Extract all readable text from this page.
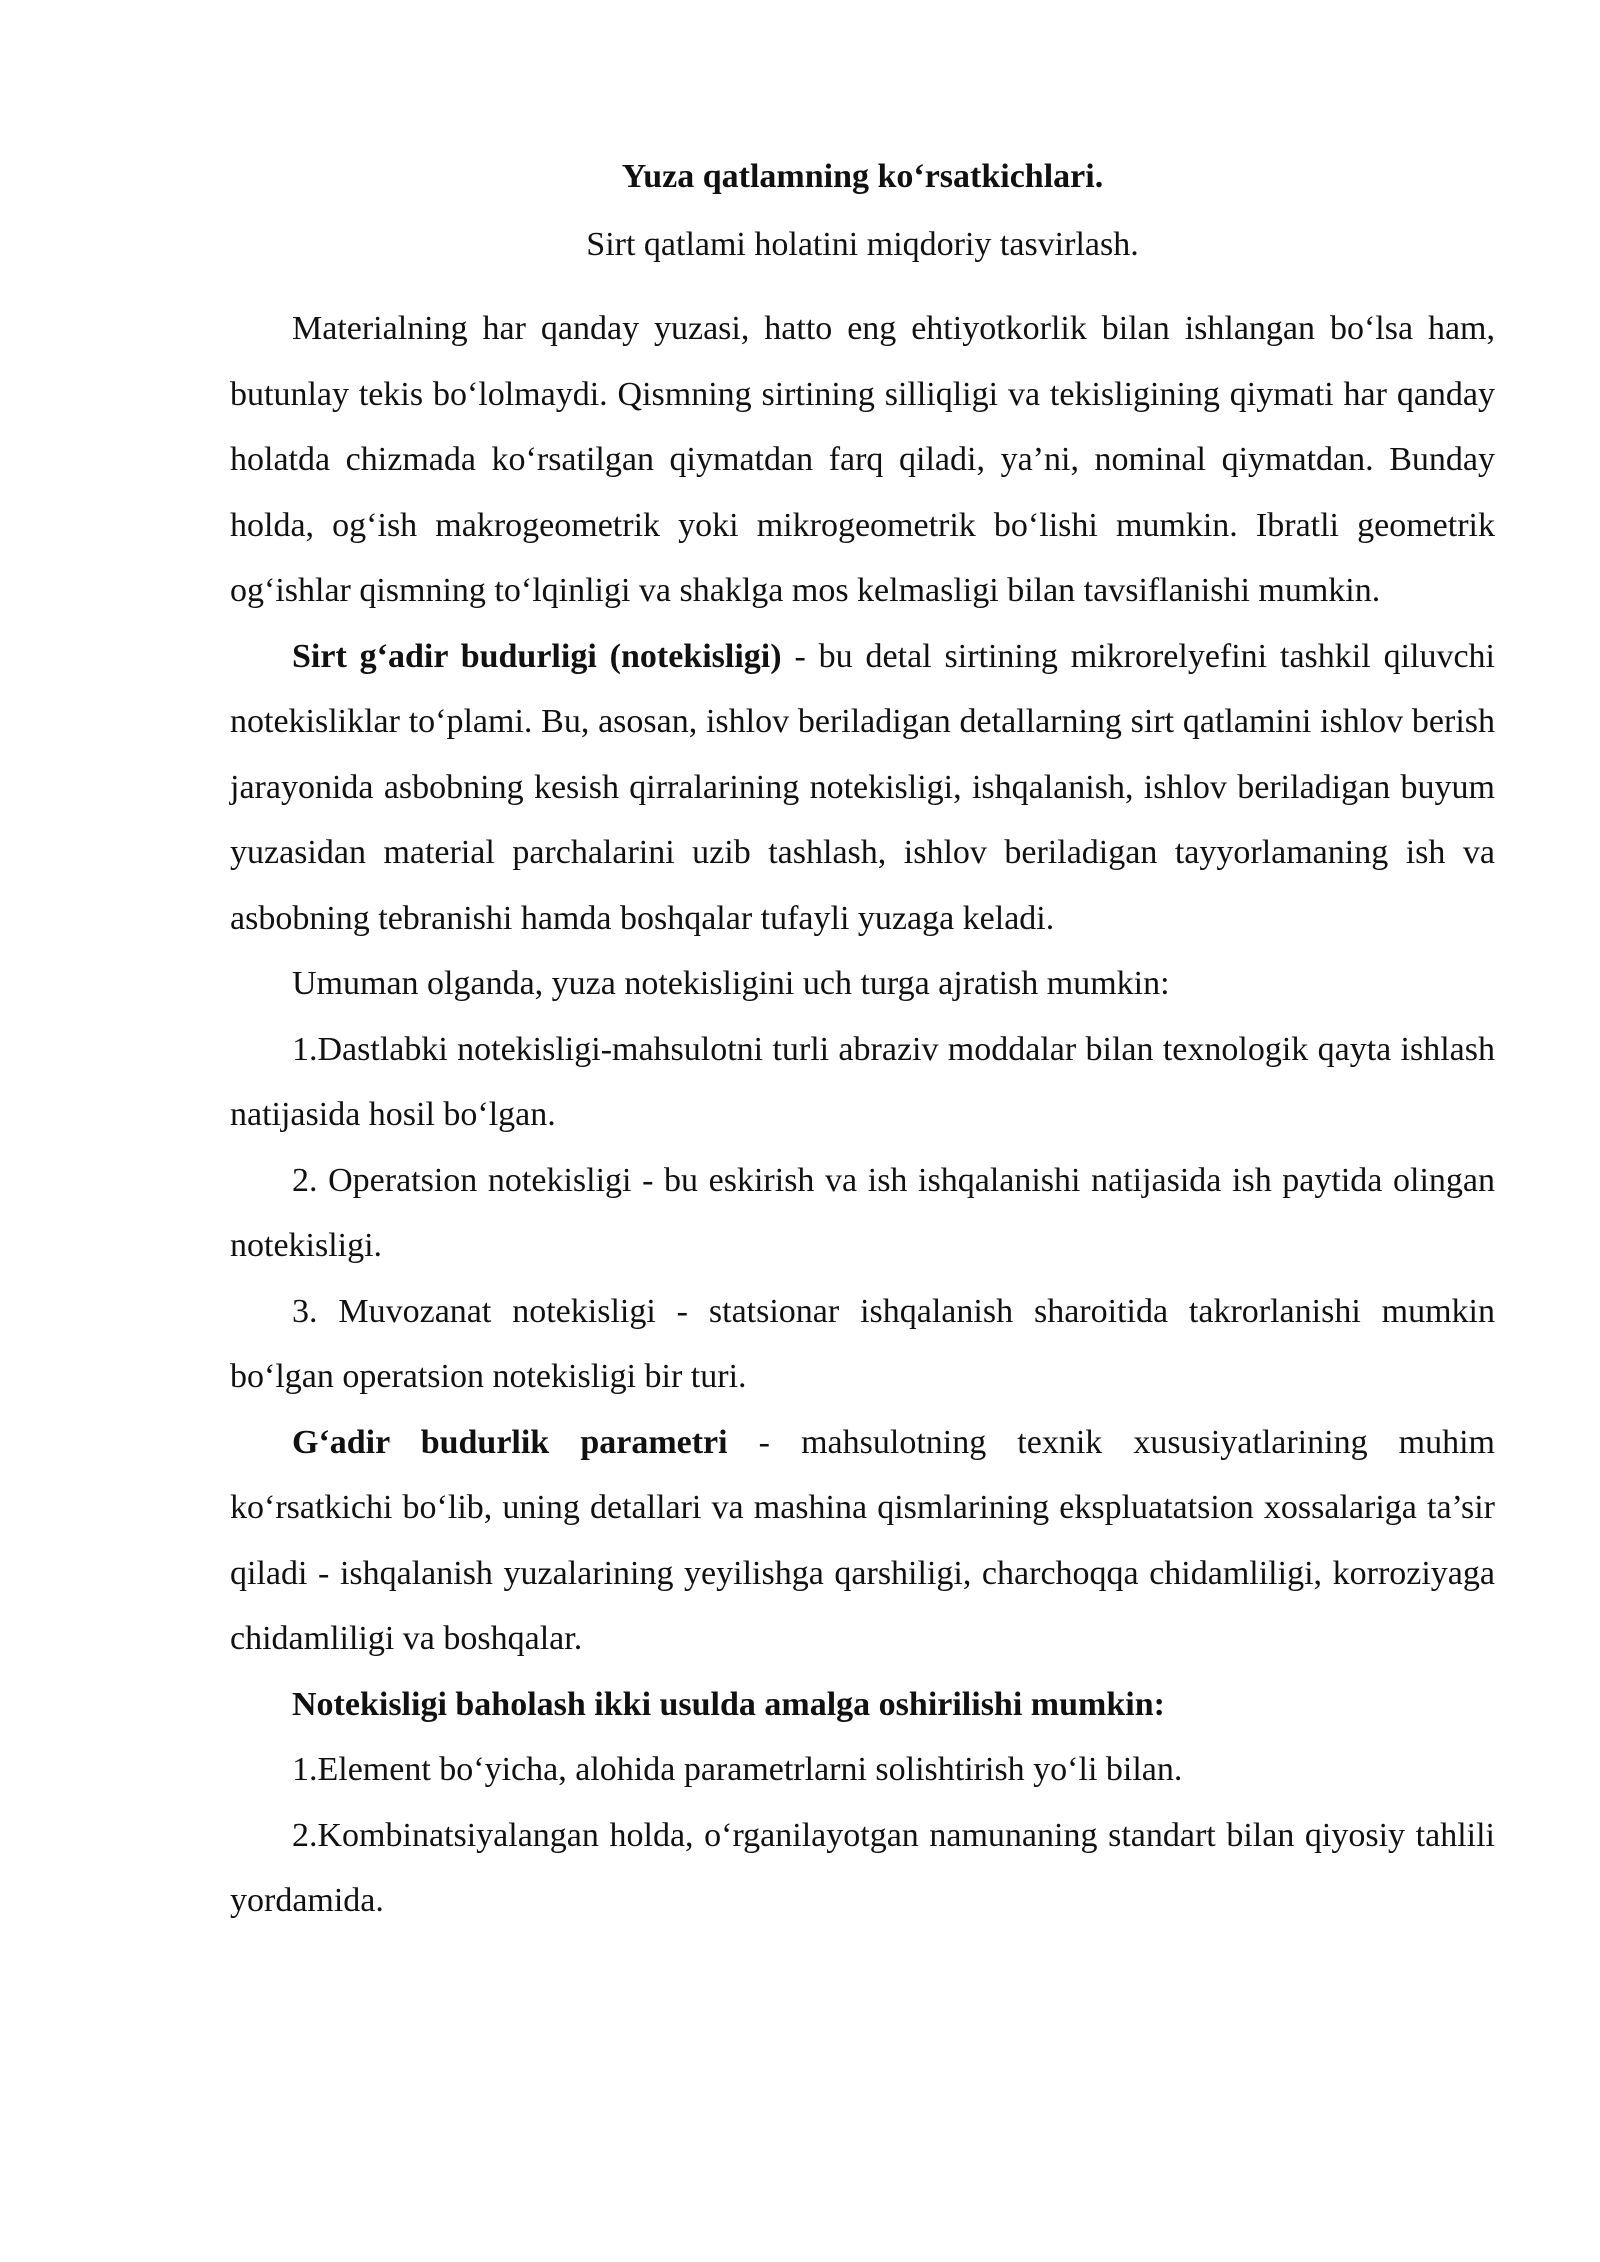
Yuza qatlamning ko‘rsatkichlari.

Sirt qatlami holatini miqdoriy tasvirlash.

Materialning har qanday yuzasi, hatto eng ehtiyotkorlik bilan ishlangan bo‘lsa ham, butunlay tekis bo‘lolmaydi. Qismning sirtining silliqligi va tekisligining qiymati har qanday holatda chizmada ko‘rsatilgan qiymatdan farq qiladi, ya’ni, nominal qiymatdan. Bunday holda, og‘ish makrogeometrik yoki mikrogeometrik bo‘lishi mumkin. Ibratli geometrik og‘ishlar qismning to‘lqinligi va shaklga mos kelmasligi bilan tavsiflanishi mumkin.

Sirt g‘adir budurligi (notekisligi) - bu detal sirtining mikrorelyefini tashkil qiluvchi notekisliklar to‘plami. Bu, asosan, ishlov beriladigan detallarning sirt qatlamini ishlov berish jarayonida asbobning kesish qirralarining notekisligi, ishqalanish, ishlov beriladigan buyum yuzasidan material parchalarini uzib tashlash, ishlov beriladigan tayyorlamaning ish va asbobning tebranishi hamda boshqalar tufayli yuzaga keladi.

Umuman olganda, yuza notekisligini uch turga ajratish mumkin:

1.Dastlabki notekisligi-mahsulotni turli abraziv moddalar bilan texnologik qayta ishlash natijasida hosil bo‘lgan.

2. Operatsion notekisligi - bu eskirish va ish ishqalanishi natijasida ish paytida olingan notekisligi.

3. Muvozanat notekisligi - statsionar ishqalanish sharoitida takrorlanishi mumkin bo‘lgan operatsion notekisligi bir turi.

G‘adir budurlik parametri - mahsulotning texnik xususiyatlarining muhim ko‘rsatkichi bo‘lib, uning detallari va mashina qismlarining ekspluatatsion xossalariga ta’sir qiladi - ishqalanish yuzalarining yeyilishga qarshiligi, charchoqqa chidamliligi, korroziyaga chidamliligi va boshqalar.

Notekisligi baholash ikki usulda amalga oshirilishi mumkin:

1.Element bo‘yicha, alohida parametrlarni solishtirish yo‘li bilan.

2.Kombinatsiyalangan holda, o‘rganilayotgan namunaning standart bilan qiyosiy tahlili yordamida.
